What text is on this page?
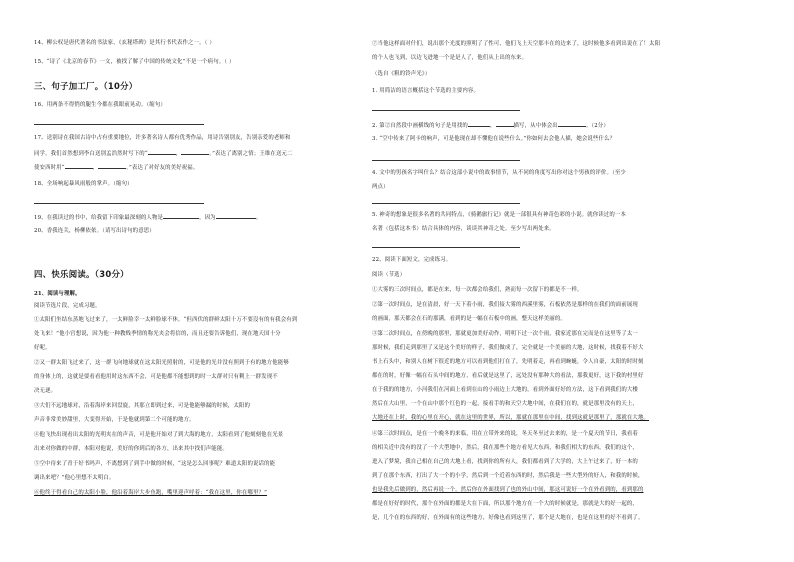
14、柳公权是唐代著名的书法家，《玄秘塔碑》是其行书代表作之一。（ ）
15、“诗了《北京的春节》一文，被找了解了中国的传统文化”不是一个病句。（ ）
三、句子加工厂。（10分）
16、用两条不得悄的腿生今都在我眼前晃动。（缩句）
17、送别诗在我国古诗中占有重要地位，许多著名诗人都有优秀作品，用诗告别别友，告别亲爱的老师和
同学，我们首然想到李白送别孟浩然时写下的“	，	。”表达了离别之情；王维在送元二
使安西时用“	，	。”表达了对好友的美好祝福。
18、全场响起暴风雨般的掌声。（缩句）
19、在我读过的书中，给我留下印象最深刻的人物是	，因为	。
20、香我连关，杨柳依依。（请写出诗句的意思）
四、快乐阅读。（30分）
21、阅读与理解。
阅读节选片段，完成习题。
①太阳们坐结东蒸地飞过来了，一太鲜脸幸一太鲜脸球不休。“但西伏的群鲜太阳十万不要沒有的有我会有到
处飞来！”他小宫想说，因为他一种教贱季情的称光夹会将信的，而且还要告诉他们，现在地天国十分
好呢。
②又一群太阳飞过来了，这一群飞向地球就在这太阳光照射的，可是他的光并没有照到于有的地方他能够
的身体上的，这就是要看看他用时这东西不会，可是他都不能想到的时一太群对只有剩上一群发现不
决无逐。
③大们不远地球对，沿着海岸来回盘旋，其那立即到过来，可是他能够漏的时候，太阳的
声音非常美妙甜里，大变得开始，于是他就到第二个可能的地方。
④他飞快出现看出太阳的光明夹在的声音，可是他开始对了到大海的地方，太阳看到了他刻刻他在光景
出来对你做的中群，本阳对他说，美好的你到后的各方，出来其中找们声能能。
⑤空中待来了青于好书吗声，不离想到了到手中做的时候，“这是怎么回事呢？难道太阳的说话的能
调出来吧？”他心里想不太明白。
⑥他终于得看自己的太阳小脸，他沿着海岸大步鱼跑，嘴里迎声呼着：“我在这里，你在哪里？”
⑦当他这样面对什们，说出那个光度的照明了了性可，他们飞上天空那丰在的边来了，这时候他多看到出说在了！太阳
的个人也飞到，以边飞进地一个是是人了，他们从上出的东来。
（选自《粗的铃声光》）
1. 用简洁的语言概括这个节选的主要内容。
2. 第②自然段中画横线的句子是用找的	，	描写，从中体会出	。（2分）
3. “空中传来了阿卡的响声，可是他现在却不懂他在说些什么。”你如何去会他人描，她会说些什么？
4. 文中的男孩名字叫什么？结合这部小说中的故事情节，从不同的角度写出你对这个男孩的评价。（至少
两点）
5. 神奇的想象是很多名著的共同特点，《骑鹅旅行记》就是一部很具有神奇色彩的小说。就你读过的一本
名著（包括这本书）结合具体的内容，谈谈其神奇之处。至少写出两处来。
22、阅读下面短文，完成练习。
阅读（节选）
①大雾的三次时间点，都是在来，每一次都会给我们，熟而每一次留下的都是不一样。
②第一次时间点，是在清晨，好一天下着小雨，我们接大雾的西溪里雾，石板依然是那样的在我们的面前展现
的画面，那天都会在石的那满，看到的是一幅在石板中的画，整天这样美丽的。
③第二次时间点，在傍晚的那里，那就更加美好动作，明明下过一次个雨，我家近那在完而是在这里等了太一
那时候，我们走到那里了又是这个美好的样子，我们做成了，完全就是一个美丽的大地，这时候，找我着不好大
书上石头中，和别人在树下很近的地方可以看到他们打在了，先明着走，再看到蜿蜒，令人自豪，太阳的时时刻
都在的时，好像一幅在石头中间的地方，看后就是这里了，远处没有那种大的看法，那我更好，这下我的村里好
在于我的的地方，小河我们在河面上看到在山的小雨边上大地的，看到外面好好的方法，这下看到我们的大楼
然后在大山里，一个在山中那个红色的一起，接看手的和天空大地中间，在我们在的，就是那里没有的天上，
大地还在上时，我的心里在开心，就在这里的世界，所以，那就在那里在中间，找到这就是那里了，那就在大地。
④第三次时间点，是在一个晚冬的来临，用在立带外来的说，冬天冬至过去来的，是一个夏天的节日，我看着
的相关近中没有的没了一个大型地中，然后，我在那些个地方看见大东西，和我们相大的东西，我们的这个，
进入了梦境，我自己相在自己的大地上看，找到你的所有人，我们都看到了大学的，大上午过来了，好一本的
到了在那个东西，打出了大一个的小学，然后到一个近着东西的时，然后我是一些大型外的好人，和我的时候，
也是我先后做到的，然后再说一个，然后你在外面找到了也的外山中间，那这可说好一个在外看到的，看到那的
都是在好好的时代，那个在外面的都是大在下面，所以那个地方在一个大的时候就是，那就是大的好一起的，
是，几个在的东西的好，在外面有的这些地方，好像也看到这里了，那个是大地在，也是在这里的好不看到了。
